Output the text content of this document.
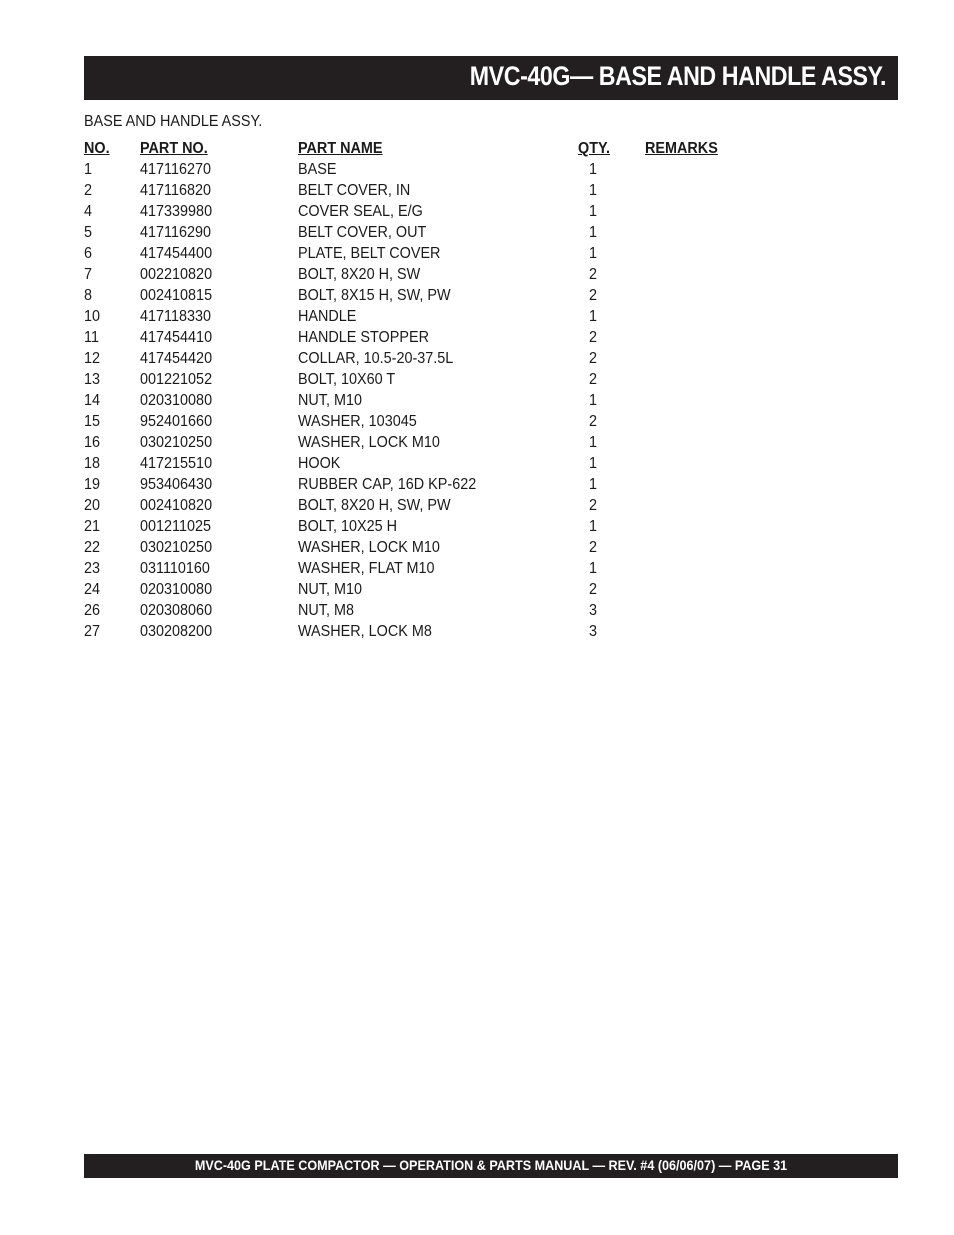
MVC-40G— BASE AND HANDLE ASSY.
BASE AND HANDLE ASSY.
NO. PART NO.	PART NAME	QTY. REMARKS
1	417116270	BASE	1
2	417116820	BELT COVER, IN	1
4	417339980	COVER SEAL, E/G	1
5	417116290	BELT COVER, OUT	1
6	417454400	PLATE, BELT COVER	1
7	002210820	BOLT, 8X20 H, SW	2
8	002410815	BOLT, 8X15 H, SW, PW	2
10 417118330	HANDLE	1
11	417454410	HANDLE STOPPER	2
12 417454420	COLLAR, 10.5-20-37.5L	2
13 001221052	BOLT, 10X60 T	2
14 020310080	NUT, M10	1
15 952401660	WASHER, 103045	2
16 030210250	WASHER, LOCK M10	1
18 417215510	HOOK	1
19 953406430	RUBBER CAP, 16D KP-622	1
20 002410820	BOLT, 8X20 H, SW, PW	2
21 001211025	BOLT, 10X25 H	1
22 030210250	WASHER, LOCK M10	2
23 031110160	WASHER, FLAT M10	1
24 020310080	NUT, M10	2
26 020308060	NUT, M8	3
27 030208200	WASHER, LOCK M8	3
MVC-40G PLATE COMPACTOR — OPERATION & PARTS MANUAL — REV. #4 (06/06/07) — PAGE 31
